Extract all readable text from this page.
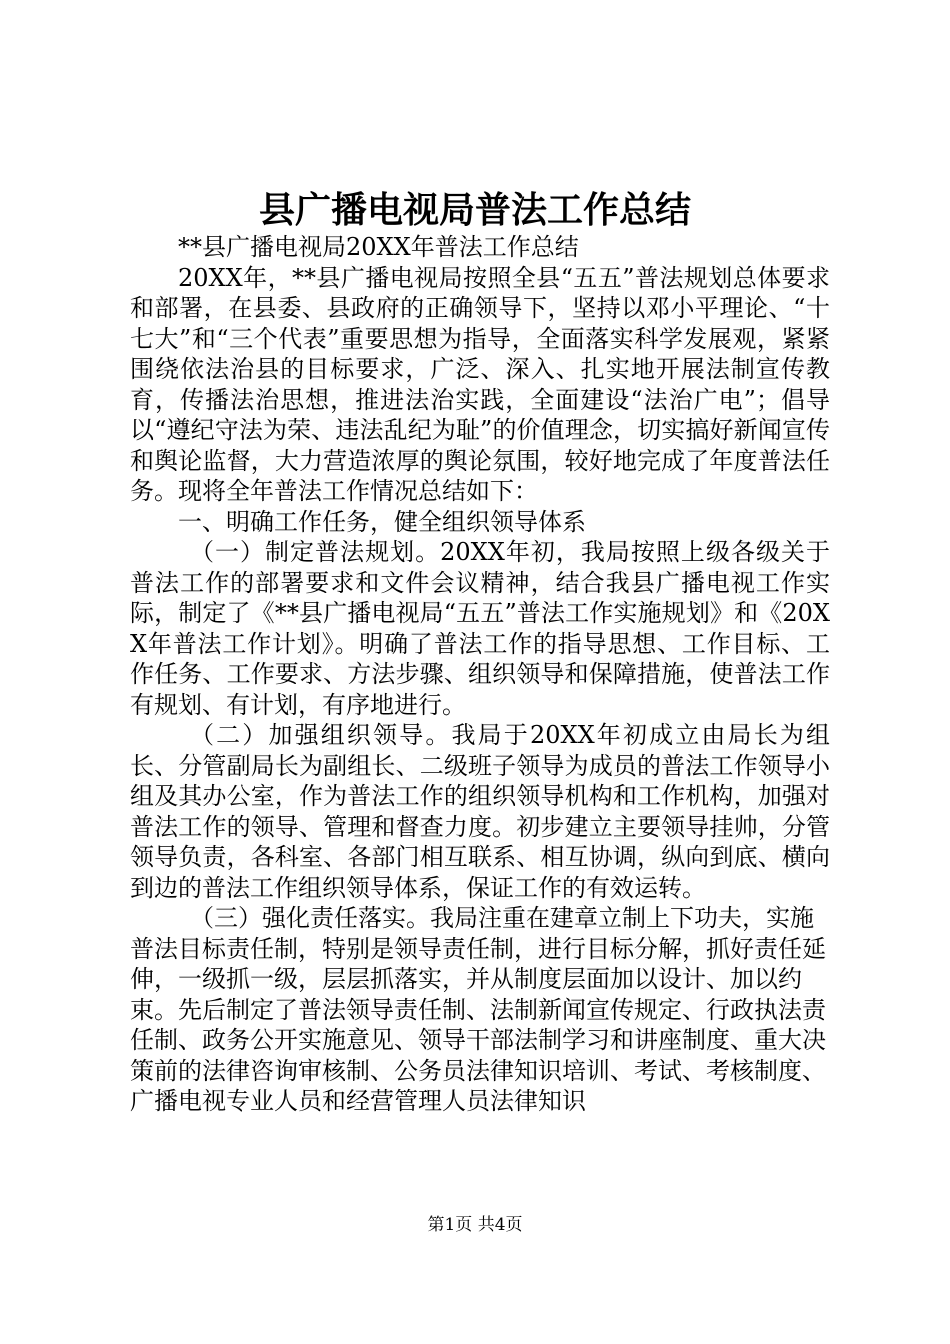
县广播电视局普法工作总结

**县广播电视局20XX年普法工作总结

20XX年，**县广播电视局按照全县“五五”普法规划总体要求和部署，在县委、县政府的正确领导下，坚持以邓小平理论、“十七大”和“三个代表”重要思想为指导，全面落实科学发展观，紧紧围绕依法治县的目标要求，广泛、深入、扎实地开展法制宣传教育，传播法治思想，推进法治实践，全面建设“法治广电”；倡导以“遵纪守法为荣、违法乱纪为耻”的价值理念，切实搞好新闻宣传和舆论监督，大力营造浓厚的舆论氛围，较好地完成了年度普法任务。现将全年普法工作情况总结如下：

一、明确工作任务，健全组织领导体系

（一）制定普法规划。20XX年初，我局按照上级各级关于普法工作的部署要求和文件会议精神，结合我县广播电视工作实际，制定了《**县广播电视局“五五”普法工作实施规划》和《20XX年普法工作计划》。明确了普法工作的指导思想、工作目标、工作任务、工作要求、方法步骤、组织领导和保障措施，使普法工作有规划、有计划，有序地进行。

（二）加强组织领导。我局于20XX年初成立由局长为组长、分管副局长为副组长、二级班子领导为成员的普法工作领导小组及其办公室，作为普法工作的组织领导机构和工作机构，加强对普法工作的领导、管理和督查力度。初步建立主要领导挂帅，分管领导负责，各科室、各部门相互联系、相互协调，纵向到底、横向到边的普法工作组织领导体系，保证工作的有效运转。

（三）强化责任落实。我局注重在建章立制上下功夫，实施普法目标责任制，特别是领导责任制，进行目标分解，抓好责任延伸，一级抓一级，层层抓落实，并从制度层面加以设计、加以约束。先后制定了普法领导责任制、法制新闻宣传规定、行政执法责任制、政务公开实施意见、领导干部法制学习和讲座制度、重大决策前的法律咨询审核制、公务员法律知识培训、考试、考核制度、广播电视专业人员和经营管理人员法律知识

第1页 共4页
